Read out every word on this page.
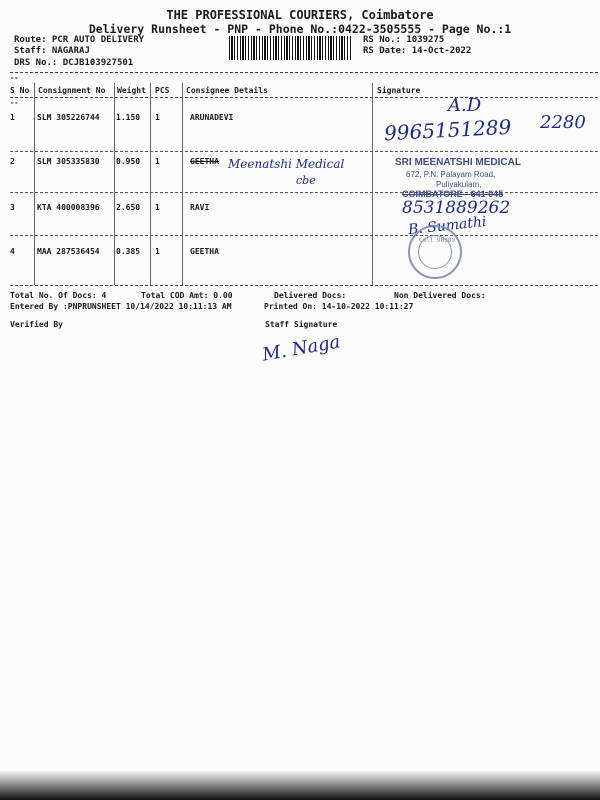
THE PROFESSIONAL COURIERS, Coimbatore
Delivery Runsheet - PNP - Phone No.:0422-3505555 - Page No.:1
Route: PCR AUTO DELIVERY
Staff: NAGARAJ
DRS No.: DCJB103927501
RS No.: 1039275
RS Date: 14-Oct-2022
--
S No Consignment No Weight PCS Consignee Details	Signature
--
1	SLM 305226744 1.150 1	ARUNADEVI
2	SLM 305335830 0.950 1	GEETHA
3	KTA 400008396 2.650 1	RAVI
4	MAA 287536454 0.385 1	GEETHA
A.D
9965151289 2280
Meenatshi Medical
cbe
SRI MEENATSHI MEDICAL
672, P.N. Palayam Road,
Puliyakulam,
COIMBATORE - 641 045
8531889262
B. Sumathi
Cell 90009
Total No. Of Docs: 4	Total COD Amt: 0.00	Delivered Docs:	Non Delivered Docs:
Entered By :PNPRUNSHEET 10/14/2022 10:11:13 AM	Printed On: 14-10-2022 10:11:27
Verified By	Staff Signature
M. Naga
